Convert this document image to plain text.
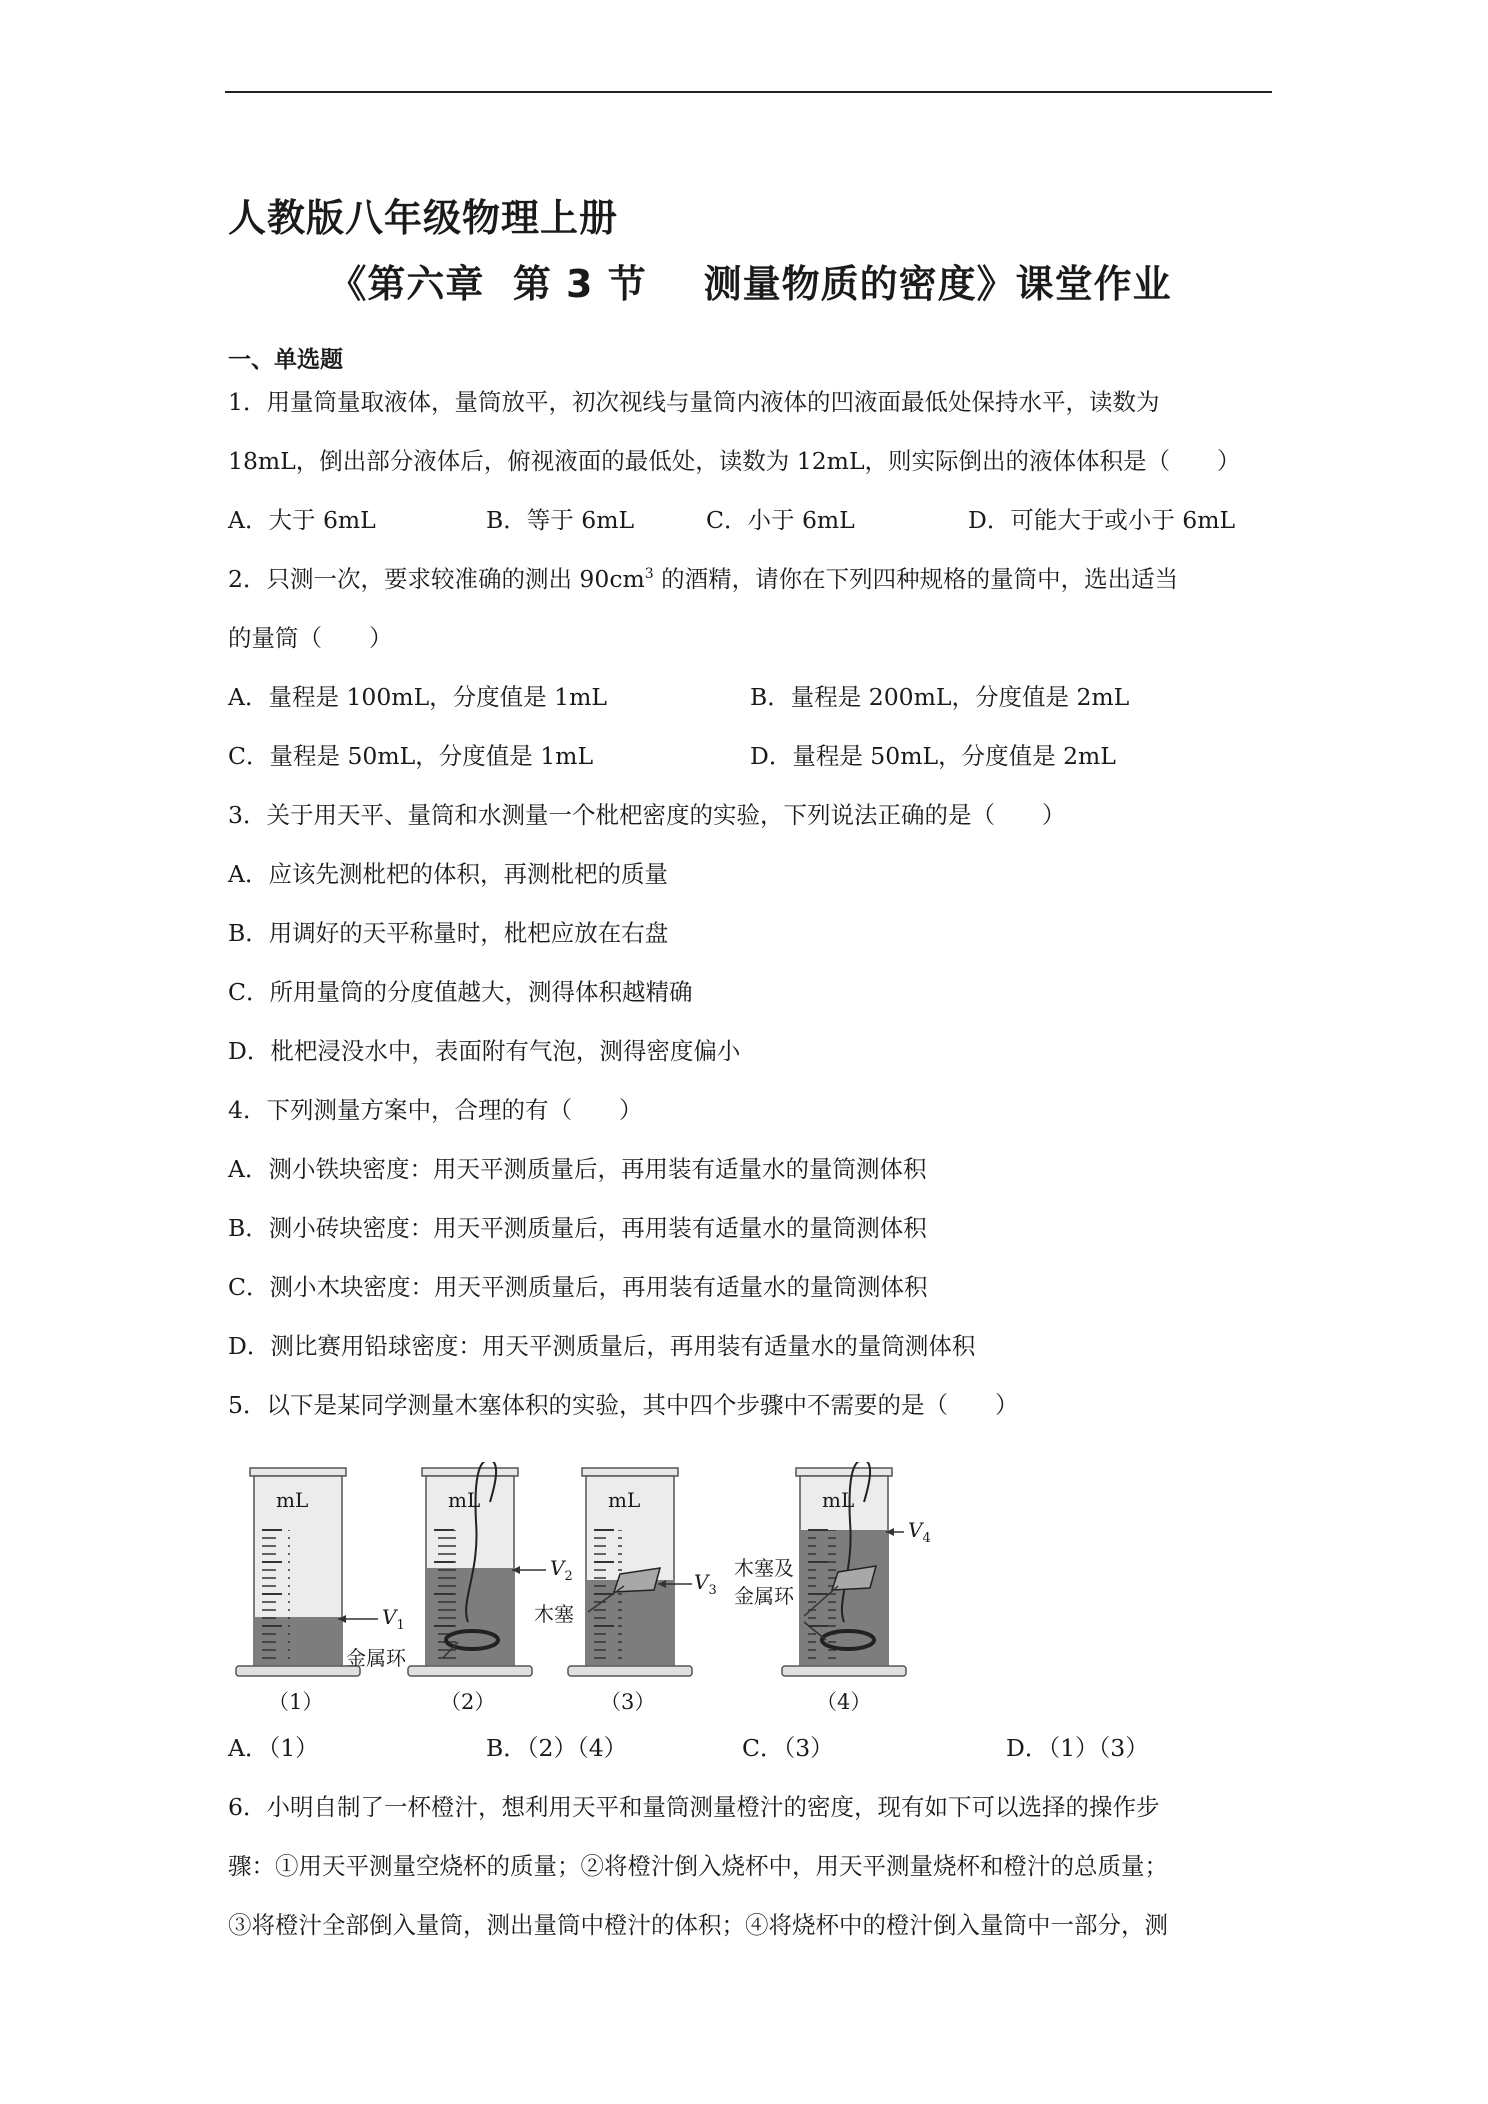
人教版八年级物理上册
《第六章  第 3 节    测量物质的密度》课堂作业
一、单选题
1．用量筒量取液体，量筒放平，初次视线与量筒内液体的凹液面最低处保持水平，读数为
18mL，倒出部分液体后，俯视液面的最低处，读数为 12mL，则实际倒出的液体体积是（　　）
A．大于 6mL	B．等于 6mL	C．小于 6mL	D．可能大于或小于 6mL
2．只测一次，要求较准确的测出 $90cm^3$ 的酒精，请你在下列四种规格的量筒中，选出适当
的量筒（　　）
A．量程是 100mL，分度值是 1mL	B．量程是 200mL，分度值是 2mL
C．量程是 50mL，分度值是 1mL	D．量程是 50mL，分度值是 2mL
3．关于用天平、量筒和水测量一个枇杷密度的实验，下列说法正确的是（　　）
A．应该先测枇杷的体积，再测枇杷的质量
B．用调好的天平称量时，枇杷应放在右盘
C．所用量筒的分度值越大，测得体积越精确
D．枇杷浸没水中，表面附有气泡，测得密度偏小
4．下列测量方案中，合理的有（　　）
A．测小铁块密度：用天平测质量后，再用装有适量水的量筒测体积
B．测小砖块密度：用天平测质量后，再用装有适量水的量筒测体积
C．测小木块密度：用天平测质量后，再用装有适量水的量筒测体积
D．测比赛用铅球密度：用天平测质量后，再用装有适量水的量筒测体积
5．以下是某同学测量木塞体积的实验，其中四个步骤中不需要的是（　　）
mL	mL	mL	mL
$V_1$
$V_2$	$V_3$
$V_4$
金属环
木塞
木塞及
金属环
（1）	（2）	（3）	（4）
A．（1）	B．（2）（4）	C．（3）	D．（1）（3）
6．小明自制了一杯橙汁，想利用天平和量筒测量橙汁的密度，现有如下可以选择的操作步
骤：①用天平测量空烧杯的质量；②将橙汁倒入烧杯中，用天平测量烧杯和橙汁的总质量；
③将橙汁全部倒入量筒，测出量筒中橙汁的体积；④将烧杯中的橙汁倒入量筒中一部分，测
